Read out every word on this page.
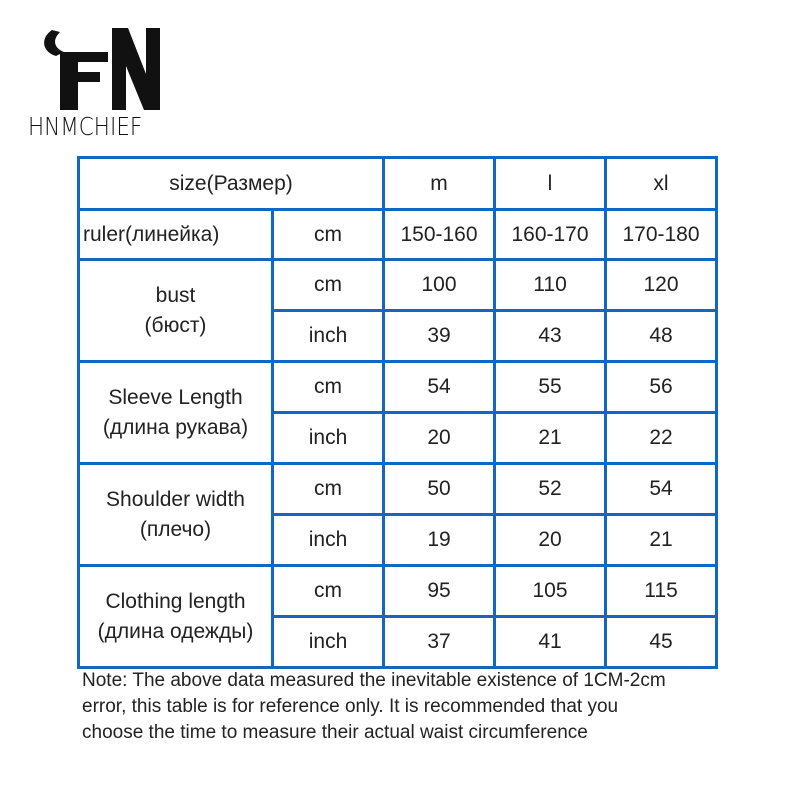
HNMCHIEF
size(Размер)		m	l	xl
ruler(линейка)	cm	150-160	160-170	170-180

bust
(бюст)	cm	100	110	120
	inch	39	43	48

Sleeve Length
(длина рукава)	cm	54	55	56
	inch	20	21	22

Shoulder width
(плечо)	cm	50	52	54
	inch	19	20	21

Clothing length
(длина одежды)	cm	95	105	115
	inch	37	41	45
Note: The above data measured the inevitable existence of 1CM-2cm
error, this table is for reference only. It is recommended that you
choose the time to measure their actual waist circumference
